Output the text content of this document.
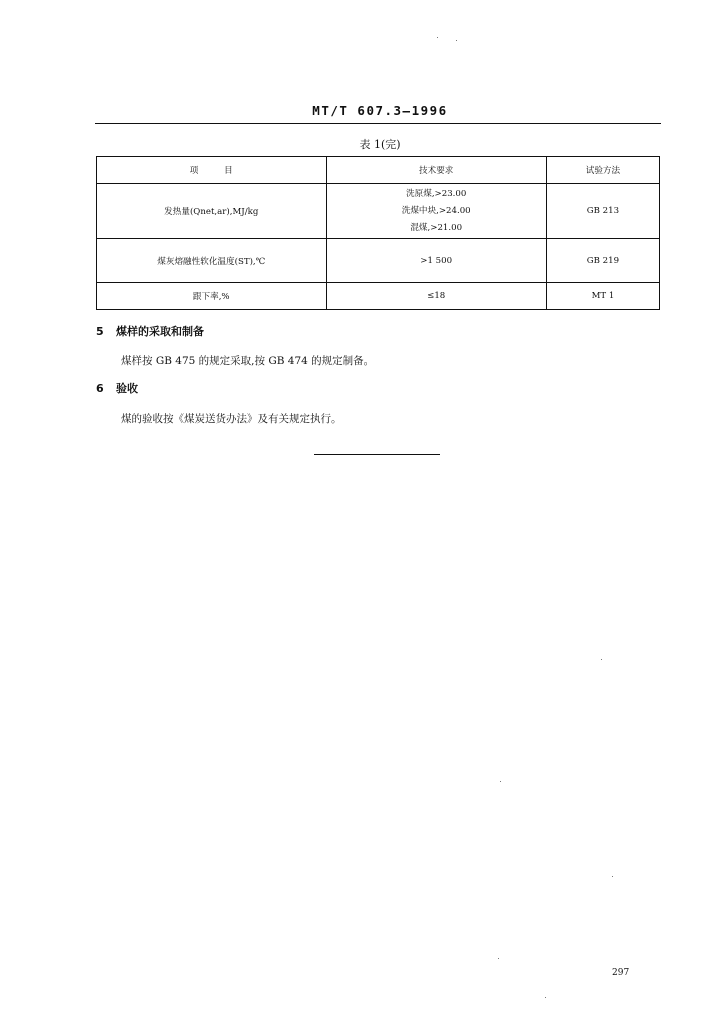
MT/T 607.3—1996
表 1(完)
项　　　目	技术要求	试验方法
发热量(Qnet,ar),MJ/kg	洗原煤,>23.00
洗煤中块,>24.00
混煤,>21.00	GB 213
煤灰熔融性软化温度(ST),℃	>1 500	GB 219
跟下率,%	≤18	MT 1
5 煤样的采取和制备
煤样按 GB 475 的规定采取,按 GB 474 的规定制备。
6 验收
煤的验收按《煤炭送货办法》及有关规定执行。
297
